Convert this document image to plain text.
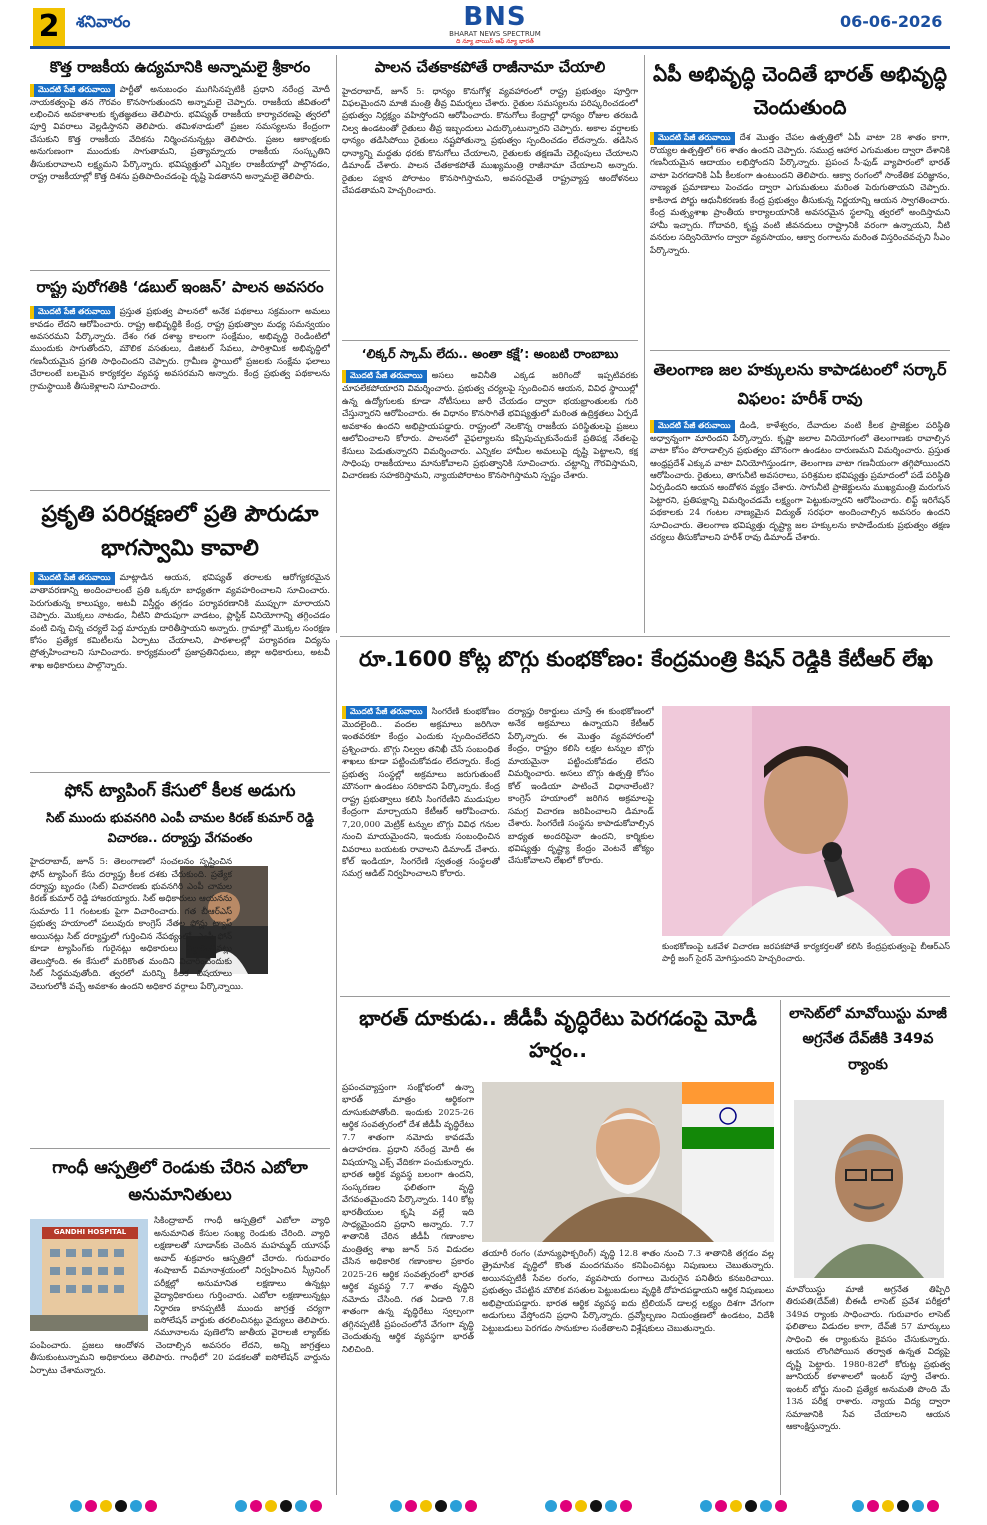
2	శనివారం	BNS
BHARAT NEWS SPECTRUM
ది న్యూ వాయిస్ ఆఫ్ న్యూ భారత్
06-06-2026
కొత్త రాజకీయ ఉద్యమానికి అన్నామలై శ్రీకారం
మొదటి పేజీ తరువాయి పార్టీతో అనుబంధం ముగిసినప్పటికీ ప్రధాని నరేంద్ర మోదీ నాయకత్వంపై తన గౌరవం కొనసాగుతుందని అన్నామలై చెప్పారు. రాజకీయ జీవితంలో లభించిన అవకాశాలకు కృతజ్ఞతలు తెలిపారు. భవిష్యత్ రాజకీయ కార్యాచరణపై త్వరలో పూర్తి వివరాలు వెల్లడిస్తానని తెలిపారు. తమిళనాడులో ప్రజల సమస్యలను కేంద్రంగా చేసుకుని కొత్త రాజకీయ వేదికను నిర్మించనున్నట్లు తెలిపారు. ప్రజల ఆకాంక్షలకు అనుగుణంగా ముందుకు సాగుతామని, ప్రత్యామ్నాయ రాజకీయ సంస్కృతిని తీసుకురావాలని లక్ష్యమని పేర్కొన్నారు. భవిష్యత్తులో ఎన్నికల రాజకీయాల్లో పాల్గొనడం, రాష్ట్ర రాజకీయాల్లో కొత్త దిశను ప్రతిపాదించడంపై దృష్టి పెడతానని అన్నామలై తెలిపారు.
రాష్ట్ర పురోగతికి ‘డబుల్ ఇంజన్’ పాలన అవసరం
మొదటి పేజీ తరువాయి ప్రస్తుత ప్రభుత్వ పాలనలో అనేక పథకాలు సక్రమంగా అమలు కావడం లేదని ఆరోపించారు. రాష్ట్ర అభివృద్ధికి కేంద్ర, రాష్ట్ర ప్రభుత్వాల మధ్య సమన్వయం అవసరమని పేర్కొన్నారు. దేశం గత దశాబ్ద కాలంగా సంక్షేమం, అభివృద్ధి రెండింటిలో ముందుకు సాగుతోందని, మౌలిక వసతులు, డిజిటల్ సేవలు, పారిశ్రామిక అభివృద్ధిలో గణనీయమైన ప్రగతి సాధించిందని చెప్పారు. గ్రామీణ స్థాయిలో ప్రజలకు సంక్షేమ ఫలాలు చేరాలంటే బలమైన కార్యకర్తల వ్యవస్థ అవసరమని అన్నారు. కేంద్ర ప్రభుత్వ పథకాలను గ్రామస్థాయికి తీసుకెళ్లాలని సూచించారు.
ప్రకృతి పరిరక్షణలో ప్రతి పౌరుడూ భాగస్వామి కావాలి
మొదటి పేజీ తరువాయి మాట్లాడిన ఆయన, భవిష్యత్ తరాలకు ఆరోగ్యకరమైన వాతావరణాన్ని అందించాలంటే ప్రతి ఒక్కరూ బాధ్యతగా వ్యవహరించాలని సూచించారు. పెరుగుతున్న కాలుష్యం, అటవీ విస్తీర్ణం తగ్గడం పర్యావరణానికి ముప్పుగా మారాయని చెప్పారు. మొక్కలు నాటడం, నీటిని పొదుపుగా వాడటం, ప్లాస్టిక్ వినియోగాన్ని తగ్గించడం వంటి చిన్న చిన్న చర్యలే పెద్ద మార్పుకు దారితీస్తాయని అన్నారు. గ్రామాల్లో మొక్కల సంరక్షణ కోసం ప్రత్యేక కమిటీలను ఏర్పాటు చేయాలని, పాఠశాలల్లో పర్యావరణ విద్యను ప్రోత్సహించాలని సూచించారు. కార్యక్రమంలో ప్రజాప్రతినిధులు, జిల్లా అధికారులు, అటవీ శాఖ అధికారులు పాల్గొన్నారు.
ఫోన్ ట్యాపింగ్ కేసులో కీలక అడుగు
సిట్ ముందు భువనగిరి ఎంపీ చామల కిరణ్ కుమార్ రెడ్డి విచారణ.. దర్యాప్తు వేగవంతం
హైదరాబాద్, జూన్ 5: తెలంగాణలో సంచలనం సృష్టించిన ఫోన్ ట్యాపింగ్ కేసు దర్యాప్తు కీలక దశకు చేరుకుంది. ప్రత్యేక దర్యాప్తు బృందం (సిట్) విచారణకు భువనగిరి ఎంపీ చామల కిరణ్ కుమార్ రెడ్డి హాజరయ్యారు. సిట్ అధికారులు ఆయనను సుమారు 11 గంటలకు పైగా విచారించారు. గత బీఆర్ఎస్ ప్రభుత్వ హయాంలో పలువురు కాంగ్రెస్ నేతల ఫోన్లు ట్యాప్ అయినట్లు సిట్ దర్యాప్తులో గుర్తించిన నేపథ్యంలో, ఎంపీ ఫోన్ కూడా ట్యాపింగ్‌కు గురైనట్లు అధికారులు నిర్ధారించినట్లు తెలుస్తోంది. ఈ కేసులో మరికొంత మందిని విచారించేందుకు సిట్ సిద్ధమవుతోంది. త్వరలో మరిన్ని కీలక విషయాలు వెలుగులోకి వచ్చే అవకాశం ఉందని అధికార వర్గాలు పేర్కొన్నాయి.
గాంధీ ఆస్పత్రిలో రెండుకు చేరిన ఎబోలా అనుమానితులు
GANDHI HOSPITAL
సికింద్రాబాద్ గాంధీ ఆస్పత్రిలో ఎబోలా వ్యాధి అనుమానిత కేసుల సంఖ్య రెండుకు చేరింది. వ్యాధి లక్షణాలతో సూడాన్‌కు చెందిన మహమ్మద్ యూసఫ్ అవాద్ శుక్రవారం ఆస్పత్రిలో చేరారు. గురువారం శంషాబాద్ విమానాశ్రయంలో నిర్వహించిన స్క్రీనింగ్ పరీక్షల్లో అనుమానిత లక్షణాలు ఉన్నట్లు వైద్యాధికారులు గుర్తించారు. ఎబోలా లక్షణాలున్నట్లు నిర్ధారణ కానప్పటికీ ముందు జాగ్రత్త చర్యగా ఐసోలేషన్ వార్డుకు తరలించినట్లు వైద్యులు తెలిపారు. నమూనాలను పుణెలోని జాతీయ వైరాలజీ ల్యాబ్‌కు పంపించారు. ప్రజలు ఆందోళన చెందాల్సిన అవసరం లేదని, అన్ని జాగ్రత్తలు తీసుకుంటున్నామని అధికారులు తెలిపారు. గాంధీలో 20 పడకలతో ఐసోలేషన్ వార్డును ఏర్పాటు చేశామన్నారు.
పాలన చేతకాకపోతే రాజీనామా చేయాలి
హైదరాబాద్, జూన్ 5: ధాన్యం కొనుగోళ్ల వ్యవహారంలో రాష్ట్ర ప్రభుత్వం పూర్తిగా విఫలమైందని మాజీ మంత్రి తీవ్ర విమర్శలు చేశారు. రైతుల సమస్యలను పరిష్కరించడంలో ప్రభుత్వం నిర్లక్ష్యం వహిస్తోందని ఆరోపించారు. కొనుగోలు కేంద్రాల్లో ధాన్యం రోజుల తరబడి నిల్వ ఉండటంతో రైతులు తీవ్ర ఇబ్బందులు ఎదుర్కొంటున్నారని చెప్పారు. అకాల వర్షాలకు ధాన్యం తడిసిపోయి రైతులు నష్టపోతున్నా ప్రభుత్వం స్పందించడం లేదన్నారు. తడిసిన ధాన్యాన్ని మద్దతు ధరకు కొనుగోలు చేయాలని, రైతులకు తక్షణమే చెల్లింపులు చేయాలని డిమాండ్ చేశారు. పాలన చేతకాకపోతే ముఖ్యమంత్రి రాజీనామా చేయాలని అన్నారు. రైతుల పక్షాన పోరాటం కొనసాగిస్తామని, అవసరమైతే రాష్ట్రవ్యాప్త ఆందోళనలు చేపడతామని హెచ్చరించారు.
‘లిక్కర్ స్కామ్ లేదు.. అంతా కక్షే’: అంబటి రాంబాబు
మొదటి పేజీ తరువాయి అసలు అవినీతి ఎక్కడ జరిగిందో ఇప్పటివరకు చూపలేకపోయారని విమర్శించారు. ప్రభుత్వ చర్యలపై స్పందించిన ఆయన, వివిధ స్థాయిల్లో ఉన్న ఉద్యోగులకు కూడా నోటీసులు జారీ చేయడం ద్వారా భయభ్రాంతులకు గురి చేస్తున్నారని ఆరోపించారు. ఈ విధానం కొనసాగితే భవిష్యత్తులో మరింత ఉద్రిక్తతలు ఏర్పడే అవకాశం ఉందని అభిప్రాయపడ్డారు. రాష్ట్రంలో నెలకొన్న రాజకీయ పరిస్థితులపై ప్రజలు ఆలోచించాలని కోరారు. పాలనలో వైఫల్యాలను కప్పిపుచ్చుకునేందుకే ప్రతిపక్ష నేతలపై కేసులు పెడుతున్నారని విమర్శించారు. ఎన్నికల హామీల అమలుపై దృష్టి పెట్టాలని, కక్ష సాధింపు రాజకీయాలు మానుకోవాలని ప్రభుత్వానికి సూచించారు. చట్టాన్ని గౌరవిస్తామని, విచారణకు సహకరిస్తామని, న్యాయపోరాటం కొనసాగిస్తామని స్పష్టం చేశారు.
ఏపీ అభివృద్ధి చెందితే భారత్ అభివృద్ధి చెందుతుంది
మొదటి పేజీ తరువాయి దేశ మొత్తం చేపల ఉత్పత్తిలో ఏపీ వాటా 28 శాతం కాగా, రొయ్యల ఉత్పత్తిలో 66 శాతం ఉందని చెప్పారు. సముద్ర ఆహార ఎగుమతుల ద్వారా దేశానికి గణనీయమైన ఆదాయం లభిస్తోందని పేర్కొన్నారు. ప్రపంచ సీ-ఫుడ్ వ్యాపారంలో భారత్ వాటా పెరగడానికి ఏపీ కీలకంగా ఉంటుందని తెలిపారు. ఆక్వా రంగంలో సాంకేతిక పరిజ్ఞానం, నాణ్యత ప్రమాణాలు పెంచడం ద్వారా ఎగుమతులు మరింత పెరుగుతాయని చెప్పారు. కాకినాడ పోర్టు ఆధునీకరణకు కేంద్ర ప్రభుత్వం తీసుకున్న నిర్ణయాన్ని ఆయన స్వాగతించారు. కేంద్ర మత్స్యశాఖ ప్రాంతీయ కార్యాలయానికి అవసరమైన స్థలాన్ని త్వరలో అందిస్తామని హామీ ఇచ్చారు. గోదావరి, కృష్ణ వంటి జీవనదులు రాష్ట్రానికి వరంగా ఉన్నాయని, నీటి వనరుల సద్వినియోగం ద్వారా వ్యవసాయం, ఆక్వా రంగాలను మరింత విస్తరించవచ్చని సీఎం పేర్కొన్నారు.
తెలంగాణ జల హక్కులను కాపాడటంలో సర్కార్ విఫలం: హరీశ్ రావు
మొదటి పేజీ తరువాయి డిండి, కాళేశ్వరం, దేవాదుల వంటి కీలక ప్రాజెక్టుల పరిస్థితి అధ్వాన్నంగా మారిందని పేర్కొన్నారు. కృష్ణా జలాల వినియోగంలో తెలంగాణకు రావాల్సిన వాటా కోసం పోరాడాల్సిన ప్రభుత్వం మౌనంగా ఉండటం దారుణమని విమర్శించారు. ప్రస్తుత ఆంధ్రప్రదేశ్ ఎక్కువ వాటా వినియోగిస్తుండగా, తెలంగాణ వాటా గణనీయంగా తగ్గిపోయిందని ఆరోపించారు. రైతులు, తాగునీటి అవసరాలు, పరిశ్రమల భవిష్యత్తు ప్రమాదంలో పడే పరిస్థితి ఏర్పడిందని ఆయన ఆందోళన వ్యక్తం చేశారు. సాగునీటి ప్రాజెక్టులను ముఖ్యమంత్రి మరుగున పెట్టారని, ప్రతిపక్షాన్ని విమర్శించడమే లక్ష్యంగా పెట్టుకున్నారని ఆరోపించారు. లిఫ్ట్ ఇరిగేషన్ పథకాలకు 24 గంటల నాణ్యమైన విద్యుత్ సరఫరా అందించాల్సిన అవసరం ఉందని సూచించారు. తెలంగాణ భవిష్యత్తు దృష్ట్యా జల హక్కులను కాపాడేందుకు ప్రభుత్వం తక్షణ చర్యలు తీసుకోవాలని హరీశ్ రావు డిమాండ్ చేశారు.
రూ.1600 కోట్ల బొగ్గు కుంభకోణం: కేంద్రమంత్రి కిషన్ రెడ్డికి కేటీఆర్ లేఖ
మొదటి పేజీ తరువాయి సింగరేణి కుంభకోణం మొదలైంది.. వందల అక్రమాలు జరిగినా ఇంతవరకూ కేంద్రం ఎందుకు స్పందించలేదని ప్రశ్నించారు. బొగ్గు నిల్వల తనిఖీ చేసే సంబంధిత శాఖలు కూడా పట్టించుకోవడం లేదన్నారు. కేంద్ర ప్రభుత్వ సంస్థల్లో అక్రమాలు జరుగుతుంటే మౌనంగా ఉండటం సరికాదని పేర్కొన్నారు. కేంద్ర రాష్ట్ర ప్రభుత్వాలు కలిసి సింగరేణిని ముడుపుల కేంద్రంగా మార్చాయని కేటీఆర్ ఆరోపించారు. 7,20,000 మెట్రిక్ టన్నుల బొగ్గు వివిధ గనుల నుంచి మాయమైందని, ఇందుకు సంబంధించిన వివరాలు బయటకు రావాలని డిమాండ్ చేశారు. కోల్ ఇండియా, సింగరేణి స్వతంత్ర సంస్థలతో సమగ్ర ఆడిట్ నిర్వహించాలని కోరారు.
దర్యాప్తు రికార్డులు చూస్తే ఈ కుంభకోణంలో అనేక అక్రమాలు ఉన్నాయని కేటీఆర్ పేర్కొన్నారు. ఈ మొత్తం వ్యవహారంలో కేంద్రం, రాష్ట్రం కలిసి లక్షల టన్నుల బొగ్గు మాయమైనా పట్టించుకోవడం లేదని విమర్శించారు. అసలు బొగ్గు ఉత్పత్తి కోసం కోల్ ఇండియా పాటించే విధానాలేంటి? కాంగ్రెస్ హయాంలో జరిగిన అక్రమాలపై సమగ్ర విచారణ జరిపించాలని డిమాండ్ చేశారు. సింగరేణి సంస్థను కాపాడుకోవాల్సిన బాధ్యత అందరిపైనా ఉందని, కార్మికుల భవిష్యత్తు దృష్ట్యా కేంద్రం వెంటనే జోక్యం చేసుకోవాలని లేఖలో కోరారు.
కుంభకోణంపై ఒకవేళ విచారణ జరపకపోతే కార్యకర్తలతో కలిసి కేంద్రప్రభుత్వంపై బీఆర్ఎస్ పార్టీ జంగ్ సైరన్ మోగిస్తుందని హెచ్చరించారు.
భారత్ దూకుడు.. జీడీపీ వృద్ధిరేటు పెరగడంపై మోడీ హర్షం..
ప్రపంచవ్యాప్తంగా సంక్షోభంలో ఉన్నా భారత్ మాత్రం ఆర్థికంగా దూసుకుపోతోంది. ఇందుకు 2025-26 ఆర్థిక సంవత్సరంలో దేశ జీడీపీ వృద్ధిరేటు 7.7 శాతంగా నమోదు కావడమే ఉదాహరణ. ప్రధాని నరేంద్ర మోదీ ఈ విషయాన్ని ఎక్స్ వేదికగా పంచుకున్నారు. భారత ఆర్థిక వ్యవస్థ బలంగా ఉందని, సంస్కరణల ఫలితంగా వృద్ధి వేగవంతమైందని పేర్కొన్నారు. 140 కోట్ల భారతీయుల కృషి వల్లే ఇది సాధ్యమైందని ప్రధాని అన్నారు. 7.7 శాతానికి చేరిన జీడీపీ గణాంకాల మంత్రిత్వ శాఖ జూన్ 5న విడుదల చేసిన అధికారిక గణాంకాల ప్రకారం 2025-26 ఆర్థిక సంవత్సరంలో భారత ఆర్థిక వ్యవస్థ 7.7 శాతం వృద్ధిని నమోదు చేసింది. గత ఏడాది 7.8 శాతంగా ఉన్న వృద్ధిరేటు స్వల్పంగా తగ్గినప్పటికీ ప్రపంచంలోనే వేగంగా వృద్ధి చెందుతున్న ఆర్థిక వ్యవస్థగా భారత్ నిలిచింది.
తయారీ రంగం (మాన్యుఫాక్చరింగ్) వృద్ధి 12.8 శాతం నుంచి 7.3 శాతానికి తగ్గడం వల్ల త్రైమాసిక వృద్ధిలో కొంత మందగమనం కనిపించినట్లు నిపుణులు చెబుతున్నారు. అయినప్పటికీ సేవల రంగం, వ్యవసాయ రంగాలు మెరుగైన పనితీరు కనబరిచాయి. ప్రభుత్వం చేపట్టిన మౌలిక వసతుల పెట్టుబడులు వృద్ధికి దోహదపడ్డాయని ఆర్థిక నిపుణులు అభిప్రాయపడ్డారు. భారత ఆర్థిక వ్యవస్థ ఐదు ట్రిలియన్ డాలర్ల లక్ష్యం దిశగా వేగంగా అడుగులు వేస్తోందని ప్రధాని పేర్కొన్నారు. ద్రవ్యోల్బణం నియంత్రణలో ఉండటం, విదేశీ పెట్టుబడులు పెరగడం సానుకూల సంకేతాలని విశ్లేషకులు చెబుతున్నారు.
లాసెట్‌లో మావోయిస్టు మాజీ అగ్రనేత దేవ్‌జీకి 349వ ర్యాంకు
మావోయిస్టు మాజీ అగ్రనేత తిప్పిరి తిరుపతి(దేవ్‌జీ) బీఈడీ లాసెట్ ప్రవేశ పరీక్షలో 349వ ర్యాంకు సాధించారు. గురువారం లాసెట్ ఫలితాలు విడుదల కాగా, దేవ్‌జీ 57 మార్కులు సాధించి ఈ ర్యాంకును కైవసం చేసుకున్నారు. ఆయన లొంగిపోయిన తర్వాత ఉన్నత విద్యపై దృష్టి పెట్టారు. 1980-82లో కోరుట్ల ప్రభుత్వ జూనియర్ కళాశాలలో ఇంటర్ పూర్తి చేశారు. ఇంటర్ బోర్డు నుంచి ప్రత్యేక అనుమతి పొంది మే 13న పరీక్ష రాశారు. న్యాయ విద్య ద్వారా సమాజానికి సేవ చేయాలని ఆయన ఆకాంక్షిస్తున్నారు.
